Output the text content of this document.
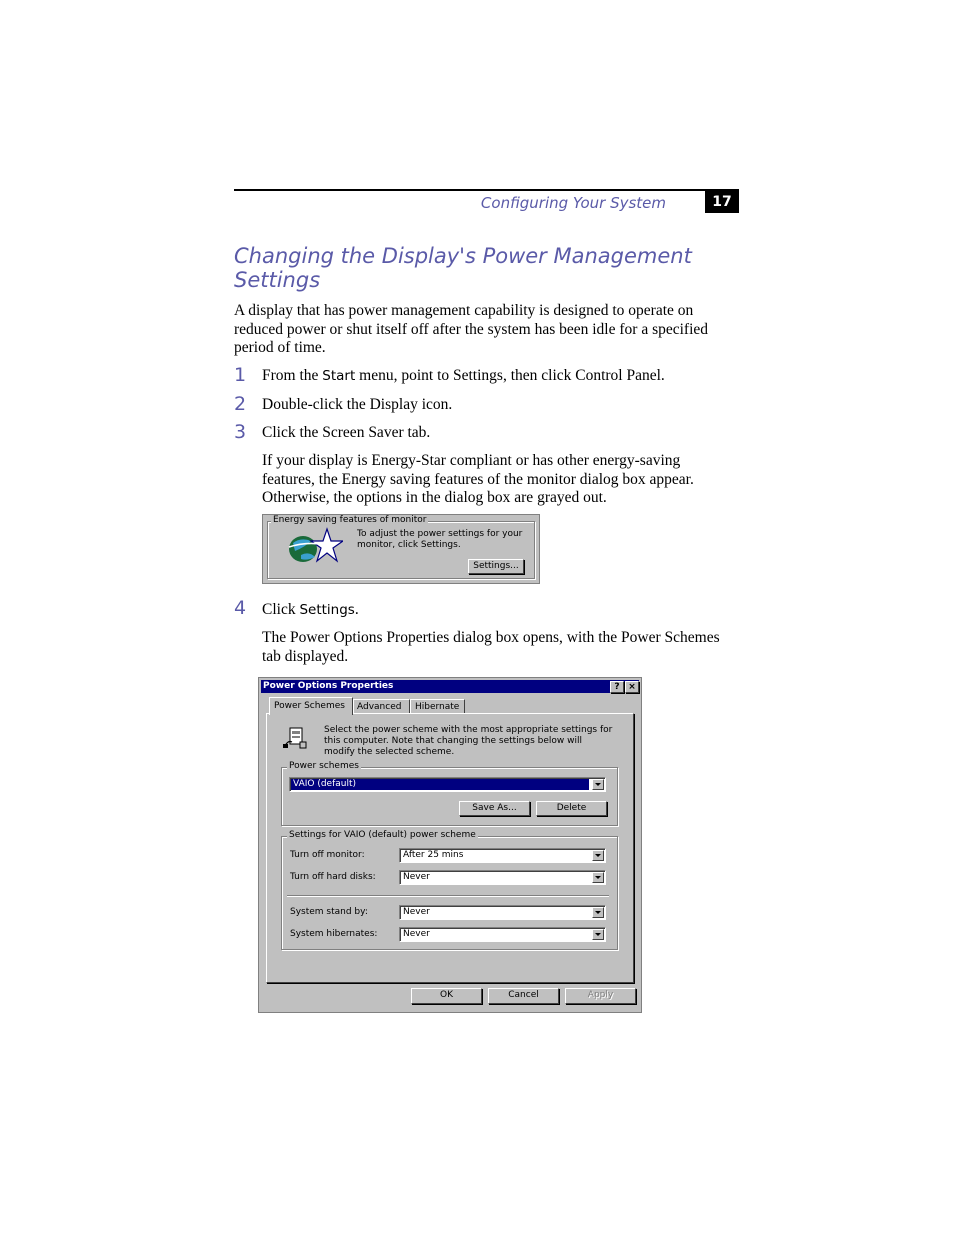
Configuring Your System	17
Changing the Display's Power Management Settings
A display that has power management capability is designed to operate on reduced power or shut itself off after the system has been idle for a specified period of time.
1 From the Start menu, point to Settings, then click Control Panel.
2 Double-click the Display icon.
3 Click the Screen Saver tab.
If your display is Energy-Star compliant or has other energy-saving features, the Energy saving features of the monitor dialog box appear. Otherwise, the options in the dialog box are grayed out.
Energy saving features of monitor
To adjust the power settings for your monitor, click Settings.
Settings...
4 Click Settings.
The Power Options Properties dialog box opens, with the Power Schemes tab displayed.
Power Options Properties	? ×
Power Schemes Advanced Hibernate
Select the power scheme with the most appropriate settings for this computer. Note that changing the settings below will modify the selected scheme.
Power schemes
VAIO (default)
Save As...	Delete
Settings for VAIO (default) power scheme
Turn off monitor:	After 25 mins
Turn off hard disks:	Never
System stand by:	Never
System hibernates:	Never
OK	Cancel	Apply
